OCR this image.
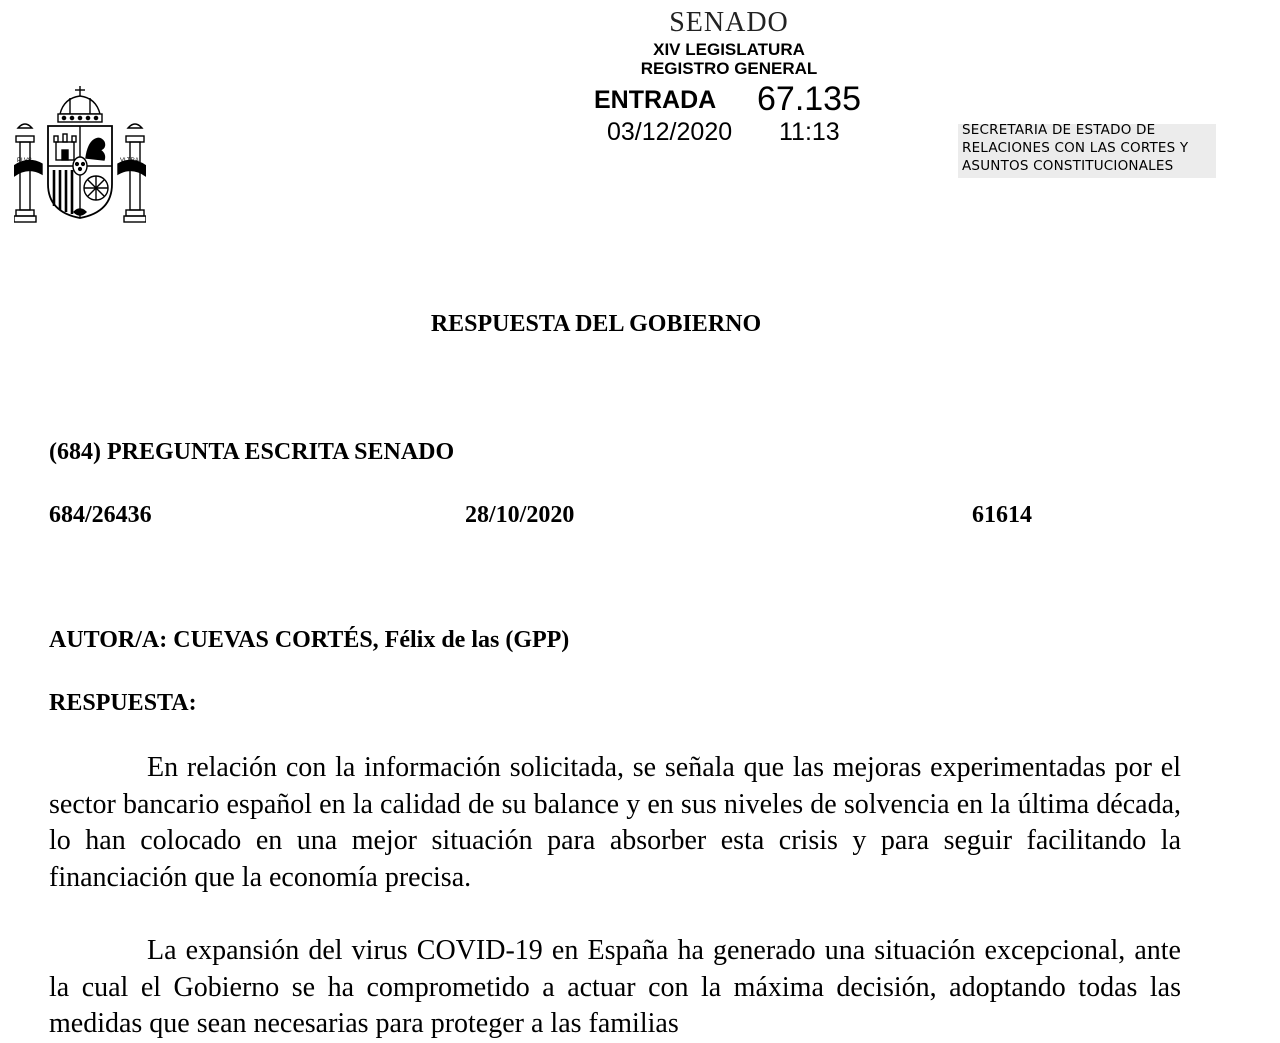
PLVS	VLTRA
SENADO
XIV LEGISLATURA
REGISTRO GENERAL
ENTRADA 67.135
03/12/2020 11:13	SECRETARIA DE ESTADO DE
RELACIONES CON LAS CORTES Y
ASUNTOS CONSTITUCIONALES
RESPUESTA DEL GOBIERNO
(684) PREGUNTA ESCRITA SENADO
684/26436	28/10/2020	61614
AUTOR/A: CUEVAS CORTÉS, Félix de las (GPP)
RESPUESTA:

En relación con la información solicitada, se señala que las mejoras experimentadas por el sector bancario español en la calidad de su balance y en sus niveles de solvencia en la última década, lo han colocado en una mejor situación para absorber esta crisis y para seguir facilitando la financiación que la economía precisa.

La expansión del virus COVID-19 en España ha generado una situación excepcional, ante la cual el Gobierno se ha comprometido a actuar con la máxima decisión, adoptando todas las medidas que sean necesarias para proteger a las familias
